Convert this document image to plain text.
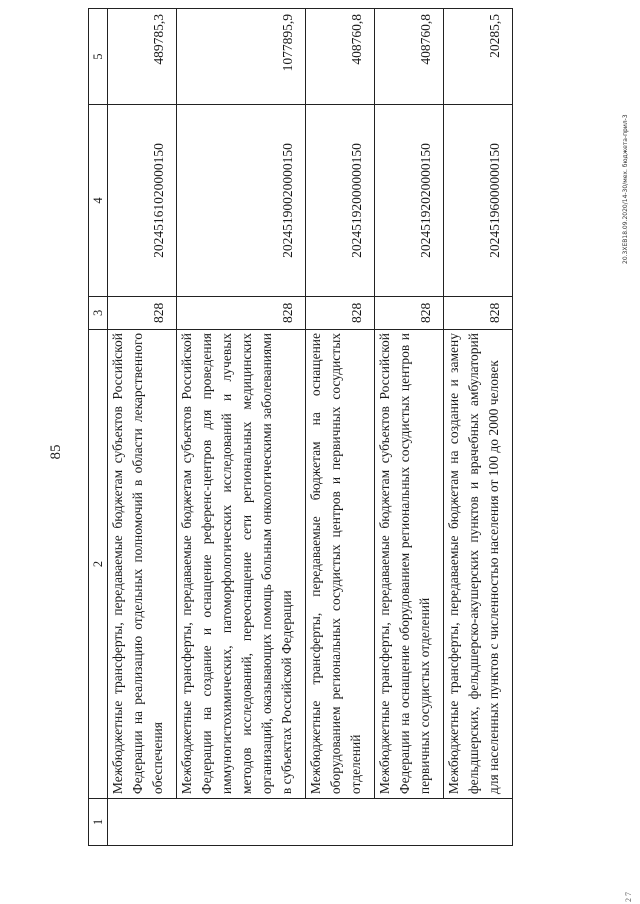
85
1	2	3	4	5
	Межбюджетные трансферты, передаваемые бюджетам субъектов Российской Федерации на реализацию отдельных полномочий в области лекарственного обеспечения	828	20245161020000150	489785,3
	Межбюджетные трансферты, передаваемые бюджетам субъектов Российской Федерации на создание и оснащение референс-центров для проведения иммуногистохимических, патоморфологических исследований и лучевых методов исследований, переоснащение сети региональных медицинских организаций, оказывающих помощь больным онкологическими заболеваниями в субъектах Российской Федерации	828	20245190020000150	1077895,9
	Межбюджетные трансферты, передаваемые бюджетам на оснащение оборудованием региональных сосудистых центров и первичных сосудистых отделений	828	20245192000000150	408760,8
	Межбюджетные трансферты, передаваемые бюджетам субъектов Российской Федерации на оснащение оборудованием региональных сосудистых центров и первичных сосудистых отделений	828	20245192020000150	408760,8
	Межбюджетные трансферты, передаваемые бюджетам на создание и замену фельдшерских, фельдшерско-акушерских пунктов и врачебных амбулаторий для населенных пунктов с численностью населения от 100 до 2000 человек	828	20245196000000150	20285,5
20.3ХЕВ18.09.2020/14-30/мех. бюджета-прил-3
2 7
